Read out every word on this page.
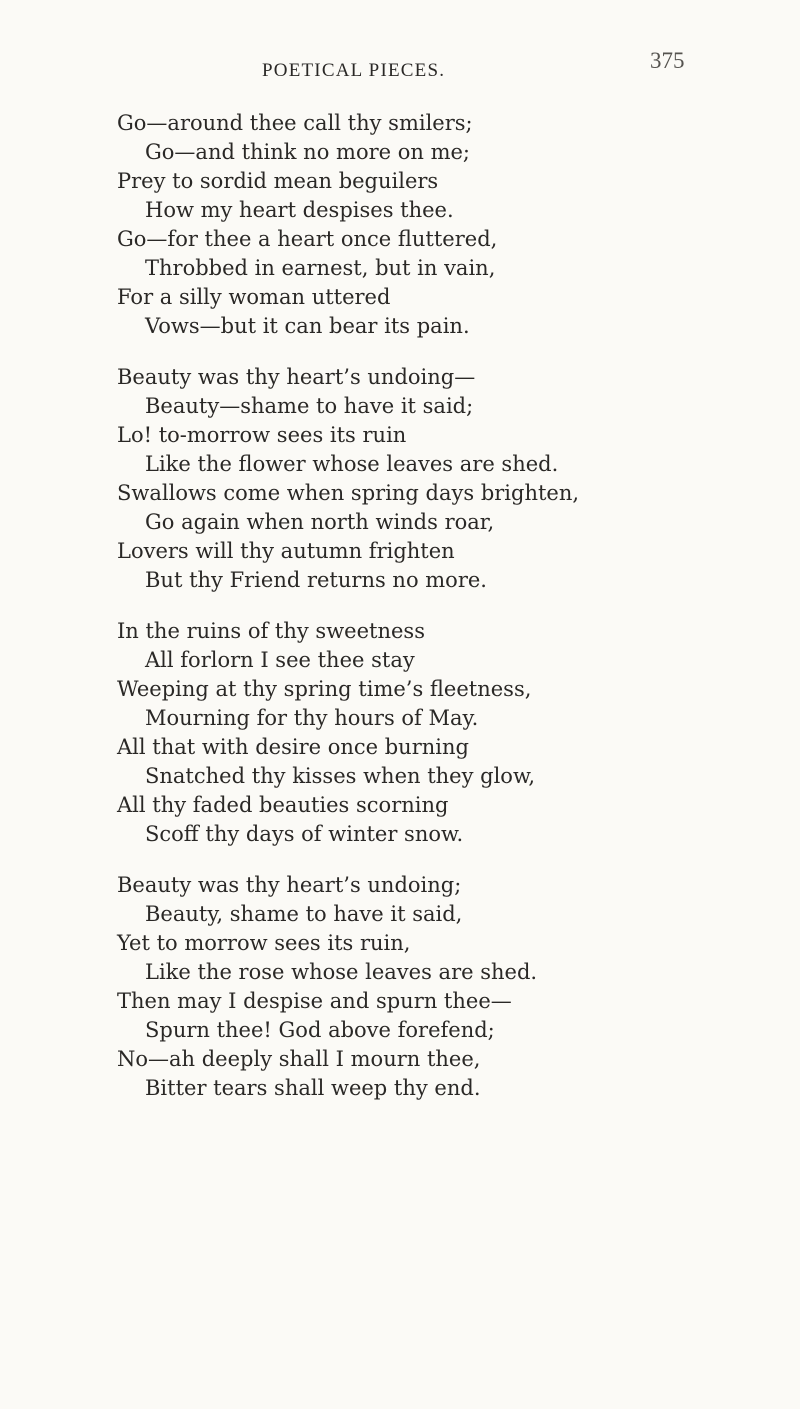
POETICAL PIECES.	375
Go—around thee call thy smilers;
Go—and think no more on me;
Prey to sordid mean beguilers
How my heart despises thee.
Go—for thee a heart once fluttered,
Throbbed in earnest, but in vain,
For a silly woman uttered
Vows—but it can bear its pain.
Beauty was thy heart’s undoing—
Beauty—shame to have it said;
Lo! to-morrow sees its ruin
Like the flower whose leaves are shed.
Swallows come when spring days brighten,
Go again when north winds roar,
Lovers will thy autumn frighten
But thy Friend returns no more.
In the ruins of thy sweetness
All forlorn I see thee stay
Weeping at thy spring time’s fleetness,
Mourning for thy hours of May.
All that with desire once burning
Snatched thy kisses when they glow,
All thy faded beauties scorning
Scoff thy days of winter snow.
Beauty was thy heart’s undoing;
Beauty, shame to have it said,
Yet to morrow sees its ruin,
Like the rose whose leaves are shed.
Then may I despise and spurn thee—
Spurn thee! God above forefend;
No—ah deeply shall I mourn thee,
Bitter tears shall weep thy end.
